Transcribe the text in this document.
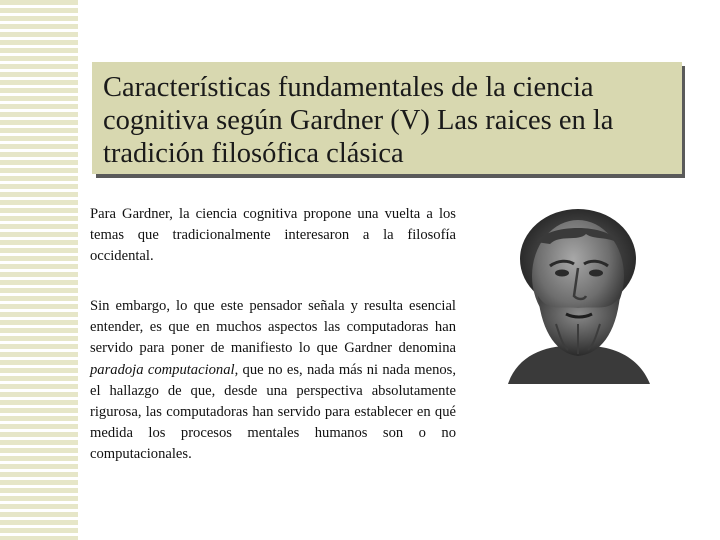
Características fundamentales de la ciencia cognitiva según Gardner (V) Las raices en la tradición filosófica clásica

Para Gardner, la ciencia cognitiva propone una vuelta a los temas que tradicionalmente interesaron a la filosofía occidental.

Sin embargo, lo que este pensador señala y resulta esencial entender, es que en muchos aspectos las computadoras han servido para poner de manifiesto lo que Gardner denomina paradoja computacional, que no es, nada más ni nada menos, el hallazgo de que, desde una perspectiva absolutamente rigurosa, las computadoras han servido para establecer en qué medida los procesos mentales humanos son o no computacionales.
